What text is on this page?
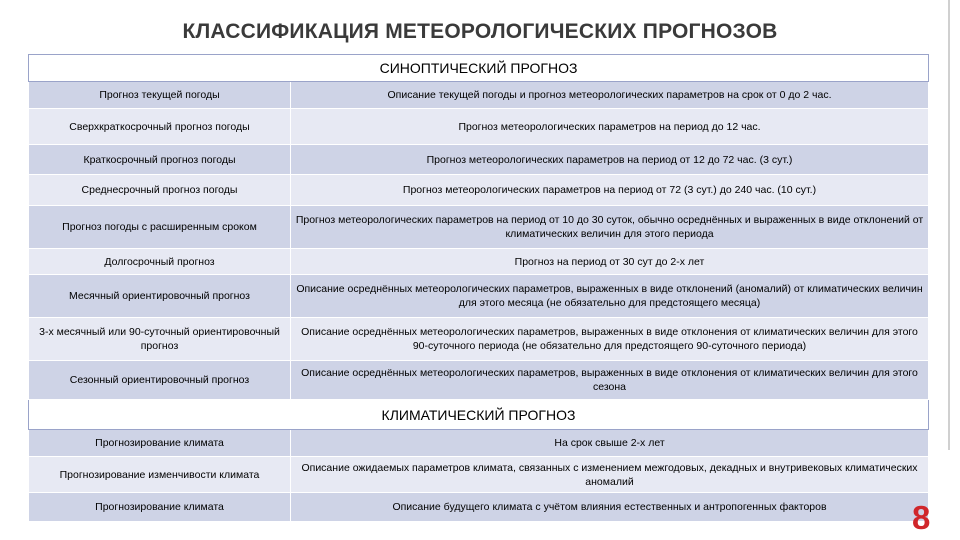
КЛАССИФИКАЦИЯ МЕТЕОРОЛОГИЧЕСКИХ ПРОГНОЗОВ
СИНОПТИЧЕСКИЙ ПРОГНОЗ	
Прогноз текущей погоды	Описание текущей погоды и прогноз метеорологических параметров на срок от 0 до 2 час.
Сверхкраткосрочный прогноз погоды	Прогноз метеорологических параметров на период до 12 час.
Краткосрочный прогноз погоды	Прогноз метеорологических параметров на период от 12 до 72 час. (3 сут.)
Среднесрочный прогноз погоды	Прогноз метеорологических параметров на период от 72 (3 сут.) до 240 час. (10 сут.)
Прогноз погоды с расширенным сроком	Прогноз метеорологических параметров на период от 10 до 30 суток, обычно осреднённых и выраженных в виде отклонений от климатических величин для этого периода
Долгосрочный прогноз	Прогноз на период от 30 сут до 2-х лет
Месячный ориентировочный прогноз	Описание осреднённых метеорологических параметров, выраженных в виде отклонений (аномалий) от климатических величин для этого месяца (не обязательно для предстоящего месяца)
3-х месячный или 90-суточный ориентировочный прогноз	Описание осреднённых метеорологических параметров, выраженных в виде отклонения от климатических величин для этого 90-суточного периода (не обязательно для предстоящего 90-суточного периода)
Сезонный ориентировочный прогноз	Описание осреднённых метеорологических параметров, выраженных в виде отклонения от климатических величин для этого сезона
КЛИМАТИЧЕСКИЙ ПРОГНОЗ	
Прогнозирование климата	На срок свыше 2-х лет
Прогнозирование изменчивости климата	Описание ожидаемых параметров климата, связанных с изменением межгодовых, декадных и внутривековых климатических аномалий
Прогнозирование климата	Описание будущего климата с учётом влияния естественных и антропогенных факторов	8
